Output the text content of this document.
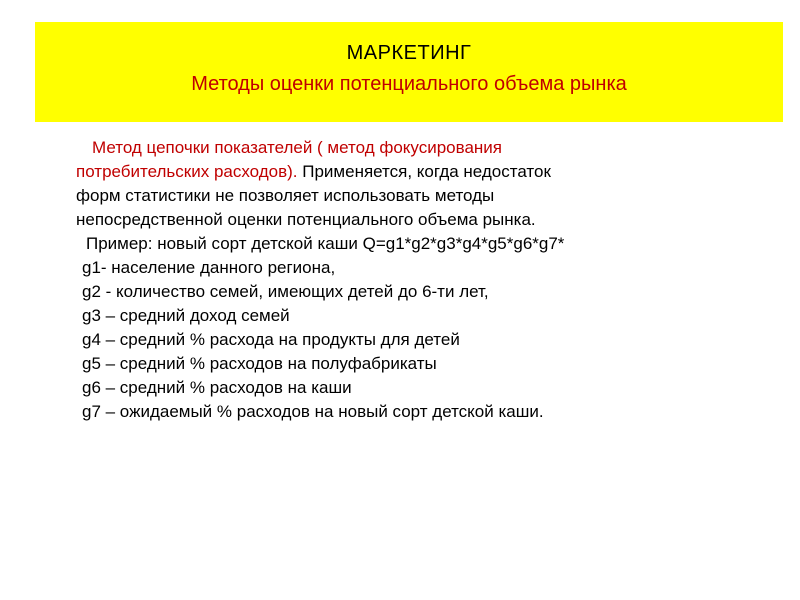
МАРКЕТИНГ
Методы оценки потенциального объема рынка
Метод цепочки показателей ( метод фокусирования
потребительских расходов). Применяется, когда недостаток
форм статистики не позволяет использовать методы
непосредственной оценки потенциального объема рынка.
Пример: новый сорт детской каши Q=g1*g2*g3*g4*g5*g6*g7*
g1- население данного региона,
g2 - количество семей, имеющих детей до 6-ти лет,
g3 – средний доход семей
g4 – средний % расхода на продукты для детей
g5 – средний % расходов на полуфабрикаты
g6 – средний % расходов на каши
g7 – ожидаемый % расходов на новый сорт детской каши.
